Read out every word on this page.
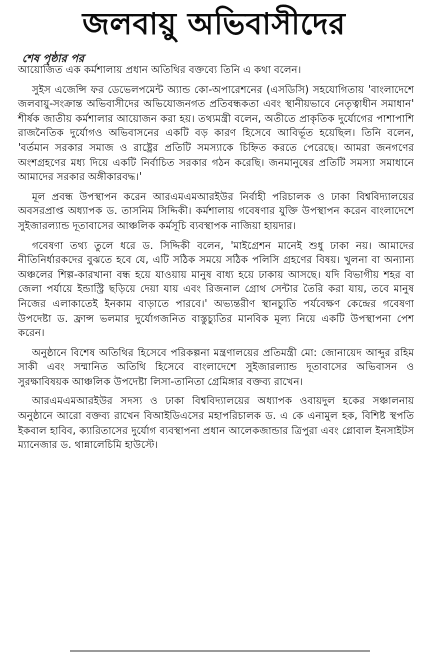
জলবায়ু অভিবাসীদের
শেষ পৃষ্ঠার পর

আয়োজিত এক কর্মশালায় প্রধান অতিথির বক্তব্যে তিনি এ কথা বলেন।

সুইস এজেন্সি ফর ডেভেলপমেন্ট অ্যান্ড কো-অপারেশনের (এসডিসি) সহযোগিতায় 'বাংলাদেশে জলবায়ু-সংক্রান্ত অভিবাসীদের অভিযোজনগত প্রতিবন্ধকতা এবং স্থানীয়ভাবে নেতৃত্বাধীন সমাধান' শীর্ষক জাতীয় কর্মশালার আয়োজন করা হয়। তথ্যমন্ত্রী বলেন, অতীতে প্রাকৃতিক দুর্যোগের পাশাপাশি রাজনৈতিক দুর্যোগও অভিবাসনের একটি বড় কারণ হিসেবে আবির্ভূত হয়েছিল। তিনি বলেন, 'বর্তমান সরকার সমাজ ও রাষ্ট্রের প্রতিটি সমস্যাকে চিহ্নিত করতে পেরেছে। আমরা জনগণের অংশগ্রহণের মধ্য দিয়ে একটি নির্বাচিত সরকার গঠন করেছি। জনমানুষের প্রতিটি সমস্যা সমাধানে আমাদের সরকার অঙ্গীকারবদ্ধ।'

মূল প্রবন্ধ উপস্থাপন করেন আরএমএমআরইউর নির্বাহী পরিচালক ও ঢাকা বিশ্ববিদ্যালয়ের অবসরপ্রাপ্ত অধ্যাপক ড. তাসনিম সিদ্দিকী। কর্মশালায় গবেষণার যুক্তি উপস্থাপন করেন বাংলাদেশে সুইজারল্যান্ড দূতাবাসের আঞ্চলিক কর্মসূচি ব্যবস্থাপক নাজিয়া হায়দার।

গবেষণা তথ্য তুলে ধরে ড. সিদ্দিকী বলেন, 'মাইগ্রেশন মানেই শুধু ঢাকা নয়। আমাদের নীতিনির্ধারকদের বুঝতে হবে যে, এটি সঠিক সময়ে সঠিক পলিসি গ্রহণের বিষয়। খুলনা বা অন্যান্য অঞ্চলের শিল্প-কারখানা বন্ধ হয়ে যাওয়ায় মানুষ বাধ্য হয়ে ঢাকায় আসছে। যদি বিভাগীয় শহর বা জেলা পর্যায়ে ইন্ডাস্ট্রি ছড়িয়ে দেয়া যায় এবং রিজনাল গ্রোথ সেন্টার তৈরি করা যায়, তবে মানুষ নিজের এলাকাতেই ইনকাম বাড়াতে পারবে।' অভ্যন্তরীণ স্থানচ্যুতি পর্যবেক্ষণ কেন্দ্রের গবেষণা উপদেষ্টা ড. ফ্রান্স ভলমার দুর্যোগজনিত বাস্তুচ্যুতির মানবিক মূল্য নিয়ে একটি উপস্থাপনা পেশ করেন।

অনুষ্ঠানে বিশেষ অতিথির হিসেবে পরিকল্পনা মন্ত্রণালয়ের প্রতিমন্ত্রী মো: জোনায়েদ আব্দুর রহিম সাকী এবং সম্মানিত অতিথি হিসেবে বাংলাদেশে সুইজারল্যান্ড দূতাবাসের অভিবাসন ও সুরক্ষাবিষয়ক আঞ্চলিক উপদেষ্টা লিসা-তানিতা গ্রেমিঙ্গার বক্তব্য রাখেন।

আরএমএমআরইউর সদস্য ও ঢাকা বিশ্ববিদ্যালয়ের অধ্যাপক ওবায়দুল হকের সঞ্চালনায় অনুষ্ঠানে আরো বক্তব্য রাখেন বিআইডিএসের মহাপরিচালক ড. এ কে এনামুল হক, বিশিষ্ট স্থপতি ইকবাল হাবিব, ক্যারিতাসের দুর্যোগ ব্যবস্থাপনা প্রধান আলেকজান্ডার ত্রিপুরা এবং গ্লোবাল ইনসাইটস ম্যানেজার ড. থান্নালেচিমি হাউস্টে।
